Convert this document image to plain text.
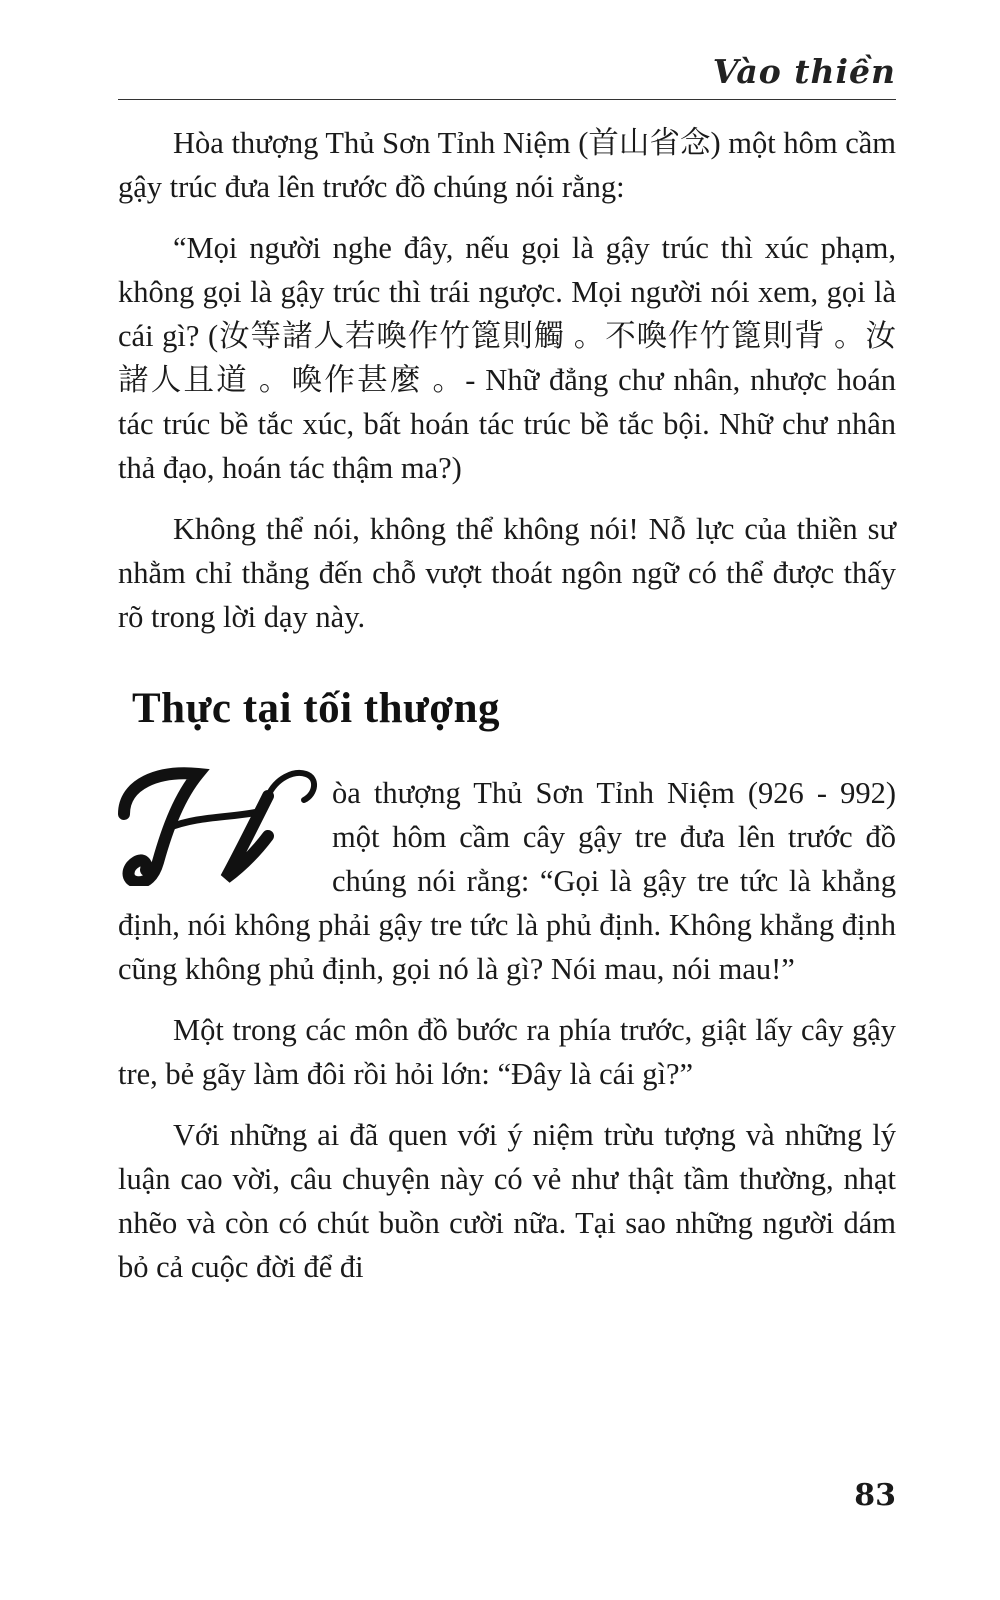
Vào thiền

Hòa thượng Thủ Sơn Tỉnh Niệm (首山省念) một hôm cầm gậy trúc đưa lên trước đồ chúng nói rằng:

“Mọi người nghe đây, nếu gọi là gậy trúc thì xúc phạm, không gọi là gậy trúc thì trái ngược. Mọi người nói xem, gọi là cái gì? (汝等諸人若喚作竹篦則觸 。不喚作竹篦則背 。汝諸人且道 。喚作甚麼 。- Nhữ đẳng chư nhân, nhược hoán tác trúc bề tắc xúc, bất hoán tác trúc bề tắc bội. Nhữ chư nhân thả đạo, hoán tác thậm ma?)

Không thể nói, không thể không nói! Nỗ lực của thiền sư nhằm chỉ thẳng đến chỗ vượt thoát ngôn ngữ có thể được thấy rõ trong lời dạy này.

Thực tại tối thượng

H
òa thượng Thủ Sơn Tỉnh Niệm (926 - 992) một hôm cầm cây gậy tre đưa lên trước đồ chúng nói rằng: “Gọi là gậy tre tức là khẳng định, nói không phải gậy tre tức là phủ định. Không khẳng định cũng không phủ định, gọi nó là gì? Nói mau, nói mau!”

Một trong các môn đồ bước ra phía trước, giật lấy cây gậy tre, bẻ gãy làm đôi rồi hỏi lớn: “Đây là cái gì?”

Với những ai đã quen với ý niệm trừu tượng và những lý luận cao vời, câu chuyện này có vẻ như thật tầm thường, nhạt nhẽo và còn có chút buồn cười nữa. Tại sao những người dám bỏ cả cuộc đời để đi

83
